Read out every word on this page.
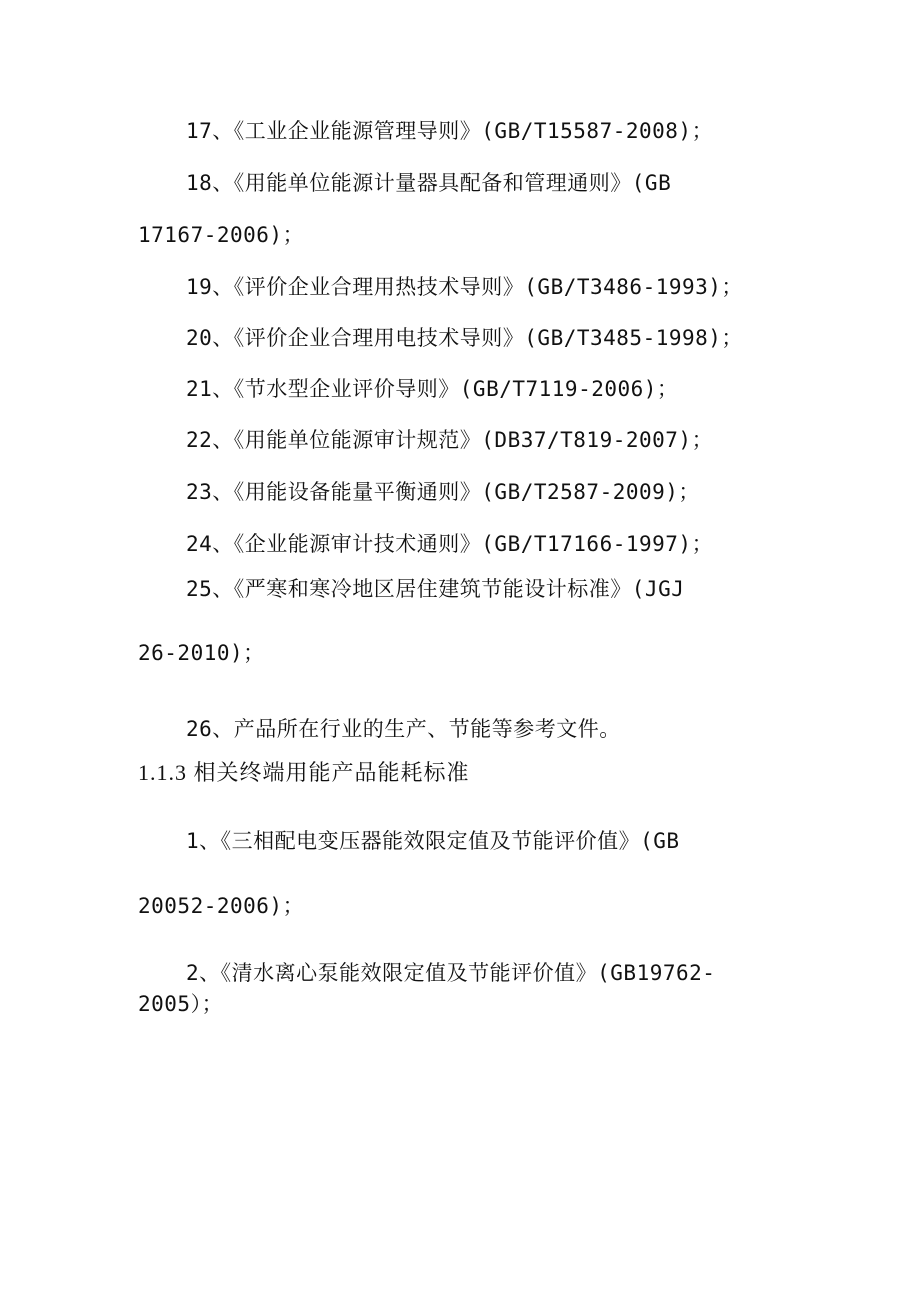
17、《工业企业能源管理导则》(GB/T15587-2008)；
18、《用能单位能源计量器具配备和管理通则》(GB
17167-2006)；
19、《评价企业合理用热技术导则》(GB/T3486-1993)；
20、《评价企业合理用电技术导则》(GB/T3485-1998)；
21、《节水型企业评价导则》(GB/T7119-2006)；
22、《用能单位能源审计规范》(DB37/T819-2007)；
23、《用能设备能量平衡通则》(GB/T2587-2009)；
24、《企业能源审计技术通则》(GB/T17166-1997)；
25、《严寒和寒冷地区居住建筑节能设计标准》(JGJ
26-2010)；
26、产品所在行业的生产、节能等参考文件。
1.1.3 相关终端用能产品能耗标准
1、《三相配电变压器能效限定值及节能评价值》(GB
20052-2006)；
2、《清水离心泵能效限定值及节能评价值》(GB19762-
2005）；
